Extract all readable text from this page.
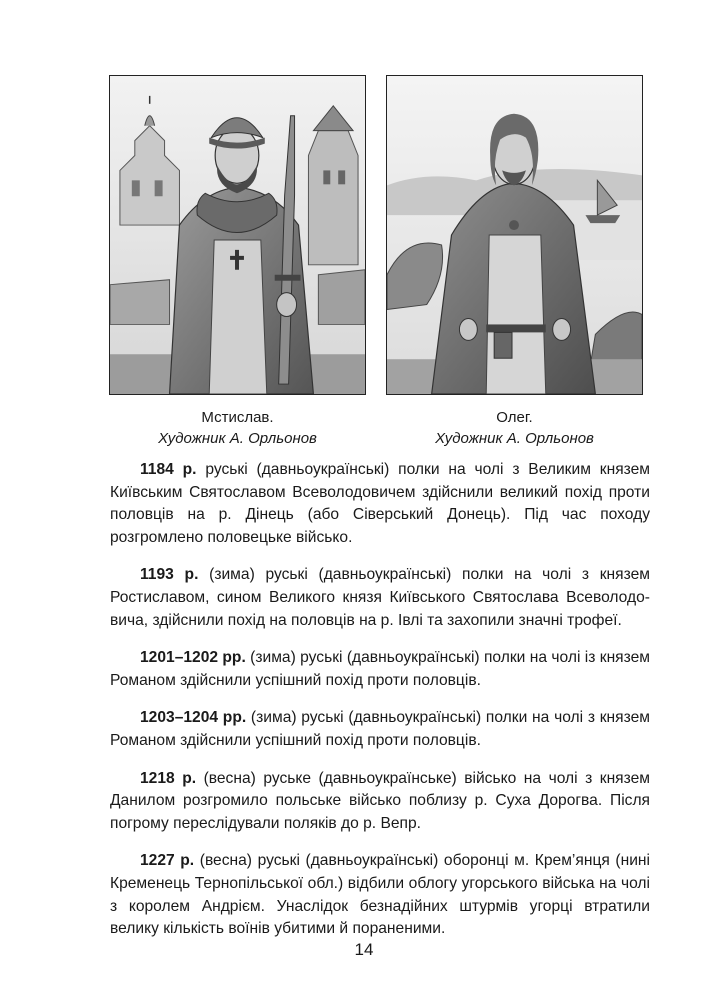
Мстислав.
Художник А. Орльонов
Олег.
Художник А. Орльонов

1184 р. руські (давньоукраїнські) полки на чолі з Великим князем Київським Святославом Всеволодовичем здійснили великий похід проти половців на р. Дінець (або Сіверський Донець). Під час походу розгромлено половецьке військо.

1193 р. (зима) руські (давньоукраїнські) полки на чолі з князем Ростиславом, сином Великого князя Київського Святослава Всеволодовича, здійснили похід на половців на р. Івлі та захопили значні трофеї.

1201–1202 рр. (зима) руські (давньоукраїнські) полки на чолі із князем Романом здійснили успішний похід проти половців.

1203–1204 рр. (зима) руські (давньоукраїнські) полки на чолі з князем Романом здійснили успішний похід проти половців.

1218 р. (весна) руське (давньоукраїнське) військо на чолі з князем Данилом розгромило польське військо поблизу р. Суха Дорогва. Після погрому переслідували поляків до р. Вепр.

1227 р. (весна) руські (давньоукраїнські) оборонці м. Крем’янця (нині Кременець Тернопільської обл.) відбили облогу угорського війська на чолі з королем Андрієм. Унаслідок безнадійних штурмів угорці втратили велику кількість воїнів убитими й пораненими.

14
